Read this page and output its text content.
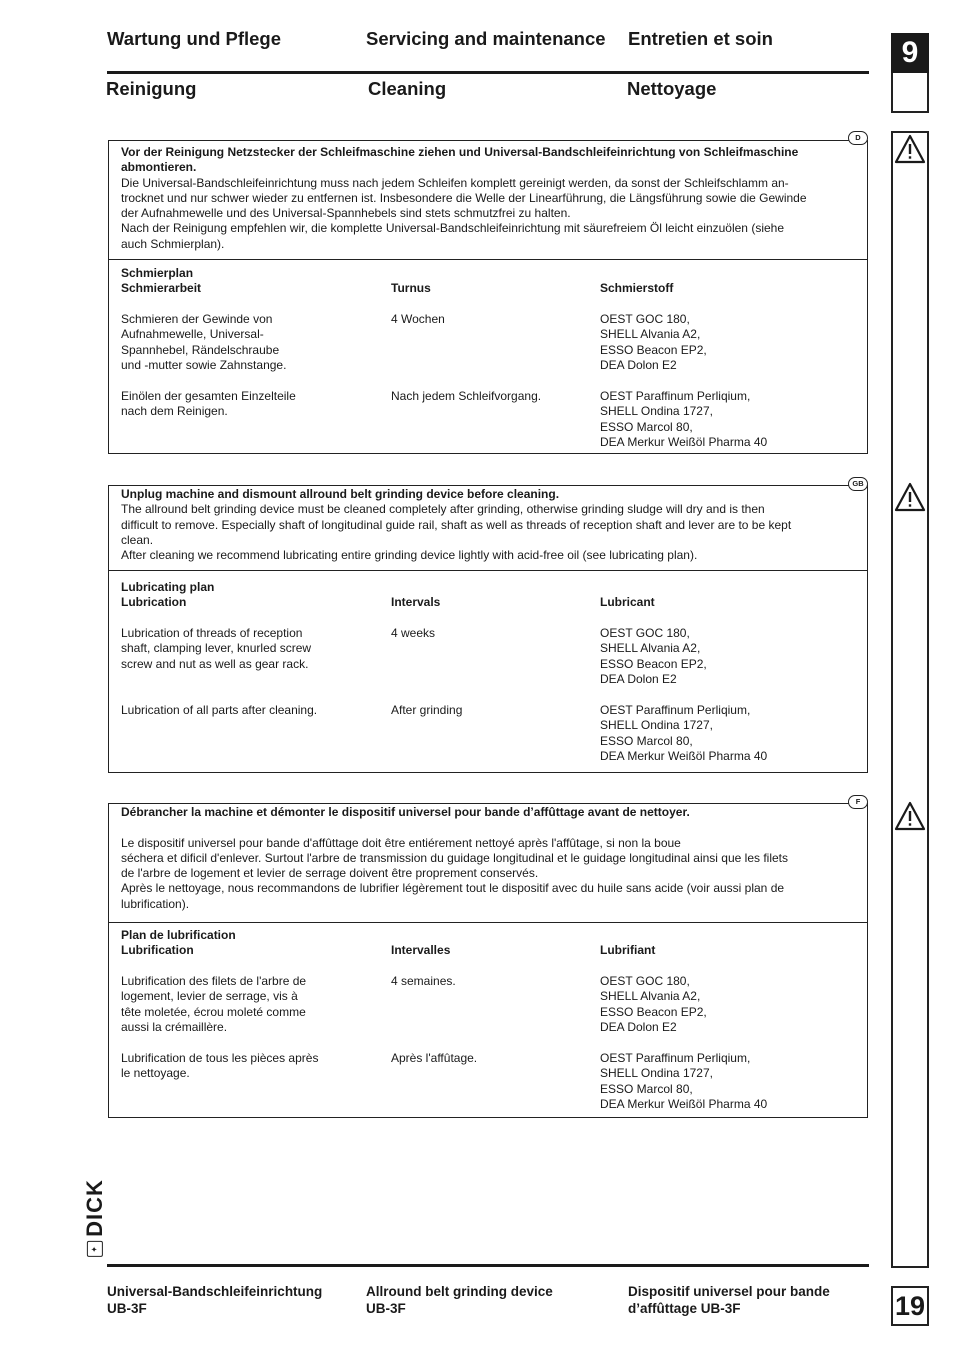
Wartung und Pflege	Servicing and maintenance Entretien et soin
Reinigung	Cleaning	Nettoyage
9
19
Vor der Reinigung Netzstecker der Schleifmaschine ziehen und Universal-Bandschleifeinrichtung von Schleifmaschine abmontieren.
Die Universal-Bandschleifeinrichtung muss nach jedem Schleifen komplett gereinigt werden, da sonst der Schleifschlamm an-
trocknet und nur schwer wieder zu entfernen ist. Insbesondere die Welle der Linearführung, die Längsführung sowie die Gewinde
der Aufnahmewelle und des Universal-Spannhebels sind stets schmutzfrei zu halten.
Nach der Reinigung empfehlen wir, die komplette Universal-Bandschleifeinrichtung mit säurefreiem Öl leicht einzuölen (siehe
auch Schmierplan).
Schmierplan
Schmierarbeit	Turnus	Schmierstoff
Schmieren der Gewinde von
Aufnahmewelle, Universal-
Spannhebel, Rändelschraube
und -mutter sowie Zahnstange.
4 Wochen	OEST GOC 180,
SHELL Alvania A2,
ESSO Beacon EP2,
DEA Dolon E2
Einölen der gesamten Einzelteile
nach dem Reinigen.
Nach jedem Schleifvorgang.	OEST Paraffinum Perliqium,
SHELL Ondina 1727,
ESSO Marcol 80,
DEA Merkur Weißöl Pharma 40
D
Unplug machine and dismount allround belt grinding device before cleaning.
The allround belt grinding device must be cleaned completely after grinding, otherwise grinding sludge will dry and is then
difficult to remove. Especially shaft of longitudinal guide rail, shaft as well as threads of reception shaft and lever are to be kept
clean.
After cleaning we recommend lubricating entire grinding device lightly with acid-free oil (see lubricating plan).
Lubricating plan
Lubrication	Intervals	Lubricant
Lubrication of threads of reception
shaft, clamping lever, knurled screw
screw and nut as well as gear rack.
4 weeks	OEST GOC 180,
SHELL Alvania A2,
ESSO Beacon EP2,
DEA Dolon E2
Lubrication of all parts after cleaning.	After grinding	OEST Paraffinum Perliqium,
SHELL Ondina 1727,
ESSO Marcol 80,
DEA Merkur Weißöl Pharma 40
GB
Débrancher la machine et démonter le dispositif universel pour bande d’affûttage avant de nettoyer.
Le dispositif universel pour bande d'affûttage doit être entiérement nettoyé après l'affûtage, si non la boue
séchera et dificil d'enlever. Surtout l'arbre de transmission du guidage longitudinal et le guidage longitudinal ainsi que les filets
de l'arbre de logement et levier de serrage doivent être proprement conservés.
Après le nettoyage, nous recommandons de lubrifier légèrement tout le dispositif avec du huile sans acide (voir aussi plan de
lubrification).
Plan de lubrification
Lubrification	Intervalles	Lubrifiant
Lubrification des filets de l'arbre de
logement, levier de serrage, vis à
tête moletée, écrou moleté comme
aussi la crémaillère.
4 semaines.	OEST GOC 180,
SHELL Alvania A2,
ESSO Beacon EP2,
DEA Dolon E2
Lubrification de tous les pièces après
le nettoyage.
Après l'affûtage.	OEST Paraffinum Perliqium,
SHELL Ondina 1727,
ESSO Marcol 80,
DEA Merkur Weißöl Pharma 40
F
✦
DICK
Universal-Bandschleifeinrichtung
UB-3F
Allround belt grinding device
UB-3F
Dispositif universel pour bande
d’affûttage UB-3F
